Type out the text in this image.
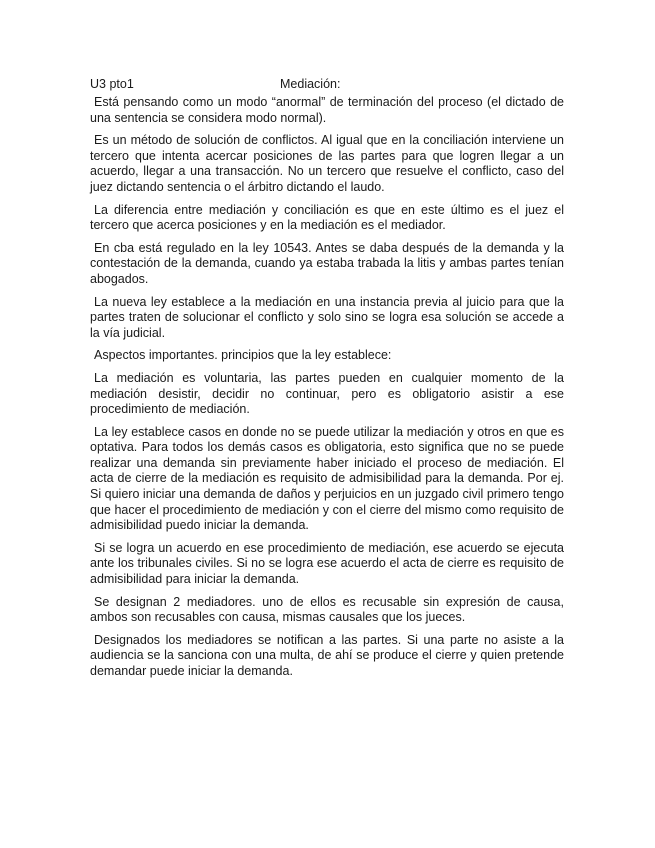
U3 pto1	Mediación:

Está pensando como un modo “anormal” de terminación del proceso (el dictado de una sentencia se considera modo normal).

Es un método de solución de conflictos. Al igual que en la conciliación interviene un tercero que intenta acercar posiciones de las partes para que logren llegar a un acuerdo, llegar a una transacción. No un tercero que resuelve el conflicto, caso del juez dictando sentencia o el árbitro dictando el laudo.

La diferencia entre mediación y conciliación es que en este último es el juez el tercero que acerca posiciones y en la mediación es el mediador.

En cba está regulado en la ley 10543. Antes se daba después de la demanda y la contestación de la demanda, cuando ya estaba trabada la litis y ambas partes tenían abogados.

La nueva ley establece a la mediación en una instancia previa al juicio para que la partes traten de solucionar el conflicto y solo sino se logra esa solución se accede a la vía judicial.

Aspectos importantes. principios que la ley establece:

La mediación es voluntaria, las partes pueden en cualquier momento de la mediación desistir, decidir no continuar, pero es obligatorio asistir a ese procedimiento de mediación.

La ley establece casos en donde no se puede utilizar la mediación y otros en que es optativa. Para todos los demás casos es obligatoria, esto significa que no se puede realizar una demanda sin previamente haber iniciado el proceso de mediación. El acta de cierre de la mediación es requisito de admisibilidad para la demanda. Por ej. Si quiero iniciar una demanda de daños y perjuicios en un juzgado civil primero tengo que hacer el procedimiento de mediación y con el cierre del mismo como requisito de admisibilidad puedo iniciar la demanda.

Si se logra un acuerdo en ese procedimiento de mediación, ese acuerdo se ejecuta ante los tribunales civiles. Si no se logra ese acuerdo el acta de cierre es requisito de admisibilidad para iniciar la demanda.

Se designan 2 mediadores. uno de ellos es recusable sin expresión de causa, ambos son recusables con causa, mismas causales que los jueces.

Designados los mediadores se notifican a las partes. Si una parte no asiste a la audiencia se la sanciona con una multa, de ahí se produce el cierre y quien pretende demandar puede iniciar la demanda.
